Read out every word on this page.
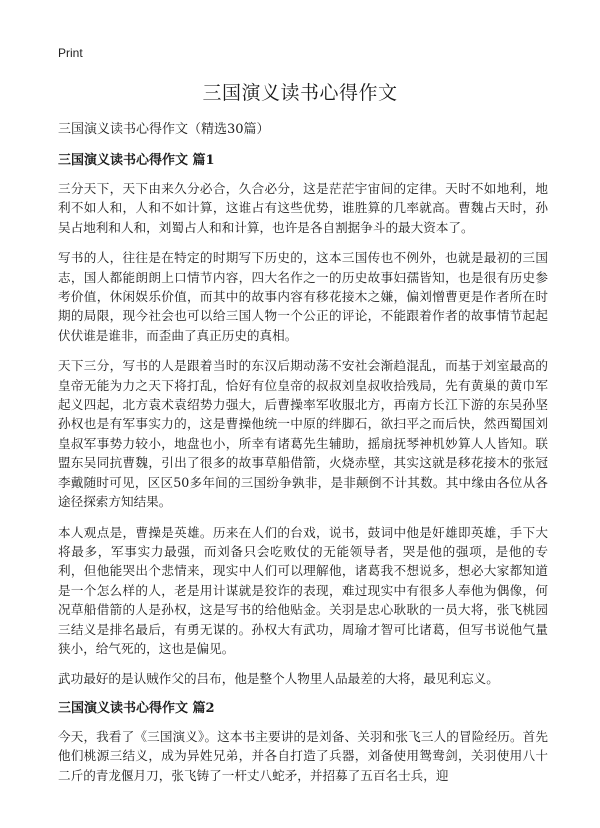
Print
三国演义读书心得作文

三国演义读书心得作文（精选30篇）

三国演义读书心得作文 篇1

三分天下，天下由来久分必合，久合必分，这是茫茫宇宙间的定律。天时不如地利，地利不如人和，人和不如计算，这谁占有这些优势，谁胜算的几率就高。曹魏占天时，孙吴占地利和人和，刘蜀占人和和计算，也许是各自割据争斗的最大资本了。

写书的人，往往是在特定的时期写下历史的，这本三国传也不例外，也就是最初的三国志，国人都能朗朗上口情节内容，四大名作之一的历史故事妇孺皆知，也是很有历史参考价值，休闲娱乐价值，而其中的故事内容有移花接木之嫌，偏刘憎曹更是作者所在时期的局限，现今社会也可以给三国人物一个公正的评论，不能跟着作者的故事情节起起伏伏谁是谁非，而歪曲了真正历史的真相。

天下三分，写书的人是跟着当时的东汉后期动荡不安社会渐趋混乱，而基于刘室最高的皇帝无能为力之天下将打乱，恰好有位皇帝的叔叔刘皇叔收拾残局，先有黄巢的黄巾军起义四起，北方袁术袁绍势力强大，后曹操率军收服北方，再南方长江下游的东吴孙坚孙权也是有军事实力的，这是曹操他统一中原的绊脚石，欲扫平之而后快，然西蜀国刘皇叔军事势力较小，地盘也小，所幸有诸葛先生辅助，摇扇抚琴神机妙算人人皆知。联盟东吴同抗曹魏，引出了很多的故事草船借箭，火烧赤壁，其实这就是移花接木的张冠李戴随时可见，区区50多年间的三国纷争孰非，是非颠倒不计其数。其中缘由各位从各途径探索方知结果。

本人观点是，曹操是英雄。历来在人们的台戏，说书，鼓词中他是奸雄即英雄，手下大将最多，军事实力最强，而刘备只会吃败仗的无能领导者，哭是他的强项，是他的专利，但他能哭出个悲情来，现实中人们可以理解他，诸葛我不想说多，想必大家都知道是一个怎么样的人，老是用计谋就是狡诈的表现，难过现实中有很多人奉他为偶像，何况草船借箭的人是孙权，这是写书的给他贴金。关羽是忠心耿耿的一员大将，张飞桃园三结义是排名最后，有勇无谋的。孙权大有武功，周瑜才智可比诸葛，但写书说他气量狭小，给气死的，这也是偏见。

武功最好的是认贼作父的吕布，他是整个人物里人品最差的大将，最见利忘义。

三国演义读书心得作文 篇2

今天，我看了《三国演义》。这本书主要讲的是刘备、关羽和张飞三人的冒险经历。首先他们桃源三结义，成为异姓兄弟，并各自打造了兵器，刘备使用鸳鸯剑，关羽使用八十二斤的青龙偃月刀，张飞铸了一杆丈八蛇矛，并招募了五百名士兵，迎
